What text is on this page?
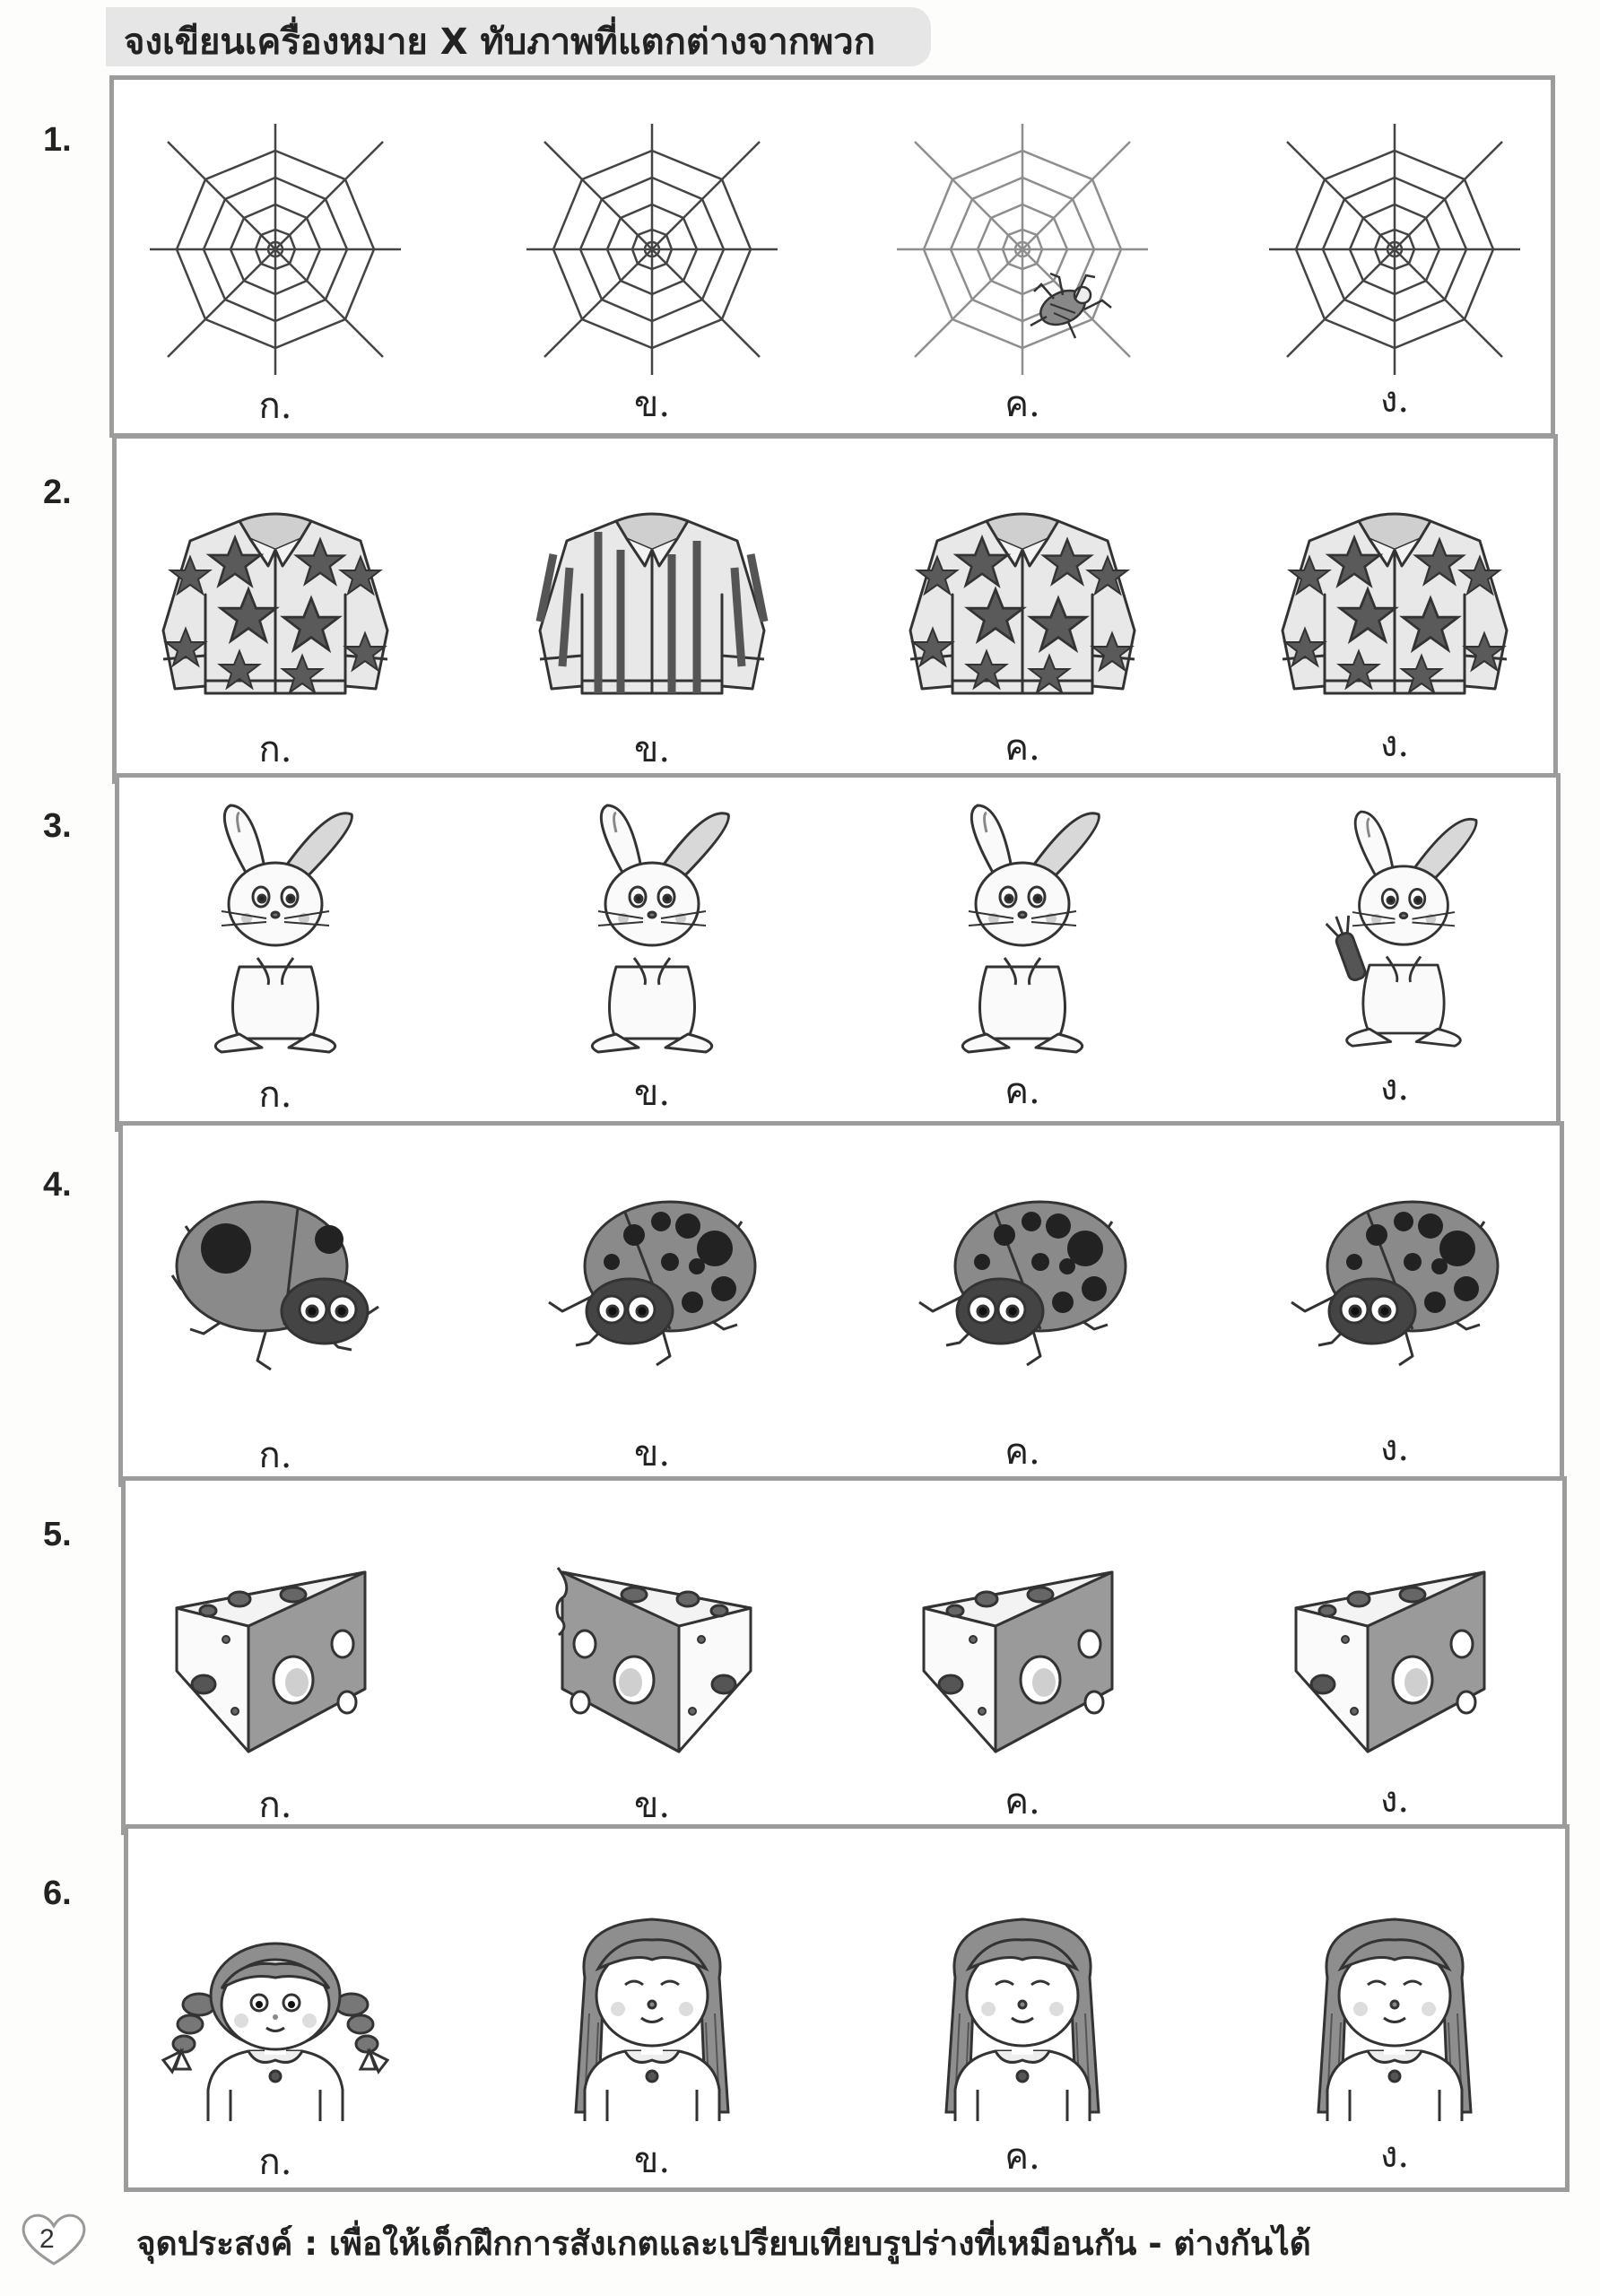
จงเขียนเครื่องหมาย X ทับภาพที่แตกต่างจากพวก
1.
2.
3.
4.
5.
6.
ก.	ข.	ค.	ง.
ก.	ข.	ค.	ง.
ก.	ข.	ค.	ง.
ก.	ข.	ค.	ง.
ก.	ข.	ค.	ง.
ก.	ข.	ค.	ง.
2 จุดประสงค์ : เพื่อให้เด็กฝึกการสังเกตและเปรียบเทียบรูปร่างที่เหมือนกัน - ต่างกันได้
